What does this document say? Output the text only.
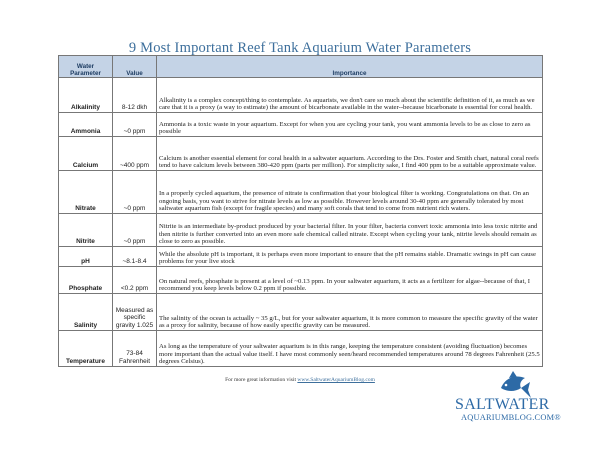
9 Most Important Reef Tank Aquarium Water Parameters
Water Parameter	Value	Importance
Alkalinity	8-12 dkh	Alkalinity is a complex concept/thing to contemplate. As aquarists, we don't care so much about the scientific definition of it, as much as we care that it is a proxy (a way to estimate) the amount of bicarbonate available in the water--because bicarbonate is essential for coral health.
Ammonia	~0 ppm	Ammonia is a toxic waste in your aquarium. Except for when you are cycling your tank, you want ammonia levels to be as close to zero as possible
Calcium	~400 ppm	Calcium is another essential element for coral health in a saltwater aquarium. According to the Drs. Foster and Smith chart, natural coral reefs tend to have calcium levels between 380-420 ppm (parts per million). For simplicity sake, I find 400 ppm to be a suitable approximate value.
Nitrate	~0 ppm	In a properly cycled aquarium, the presence of nitrate is confirmation that your biological filter is working. Congratulations on that. On an ongoing basis, you want to strive for nitrate levels as low as possible. However levels around 30-40 ppm are generally tolerated by most saltwater aquarium fish (except for fragile species) and many soft corals that tend to come from nutrient rich waters.
Nitrite	~0 ppm	Nitrite is an intermediate by-product produced by your bacterial filter. In your filter, bacteria convert toxic ammonia into less toxic nitrite and then nitrite is further converted into an even more safe chemical called nitrate. Except when cycling your tank, nitrite levels should remain as close to zero as possible.
pH	~8.1-8.4	While the absolute pH is important, it is perhaps even more important to ensure that the pH remains stable. Dramatic swings in pH can cause problems for your live stock
Phosphate	<0.2 ppm	On natural reefs, phosphate is present at a level of ~0.13 ppm. In your saltwater aquarium, it acts as a fertilizer for algae--because of that, I recommend you keep levels below 0.2 ppm if possible.
Salinity	Measured as specific gravity 1.025	The salinity of the ocean is actually ~ 35 g/L, but for your saltwater aquarium, it is more common to measure the specific gravity of the water as a proxy for salinity, because of how easily specific gravity can be measured.
Temperature	73-84 Fahrenheit	As long as the temperature of your saltwater aquarium is in this range, keeping the temperature consistent (avoiding fluctuation) becomes more important than the actual value itself. I have most commonly seen/heard recommended temperatures around 78 degrees Fahrenheit (25.5 degrees Celsius).
For more great information visit www.SaltwaterAquariumBlog.com
SALTWATER
AQUARIUMBLOG.COM®
